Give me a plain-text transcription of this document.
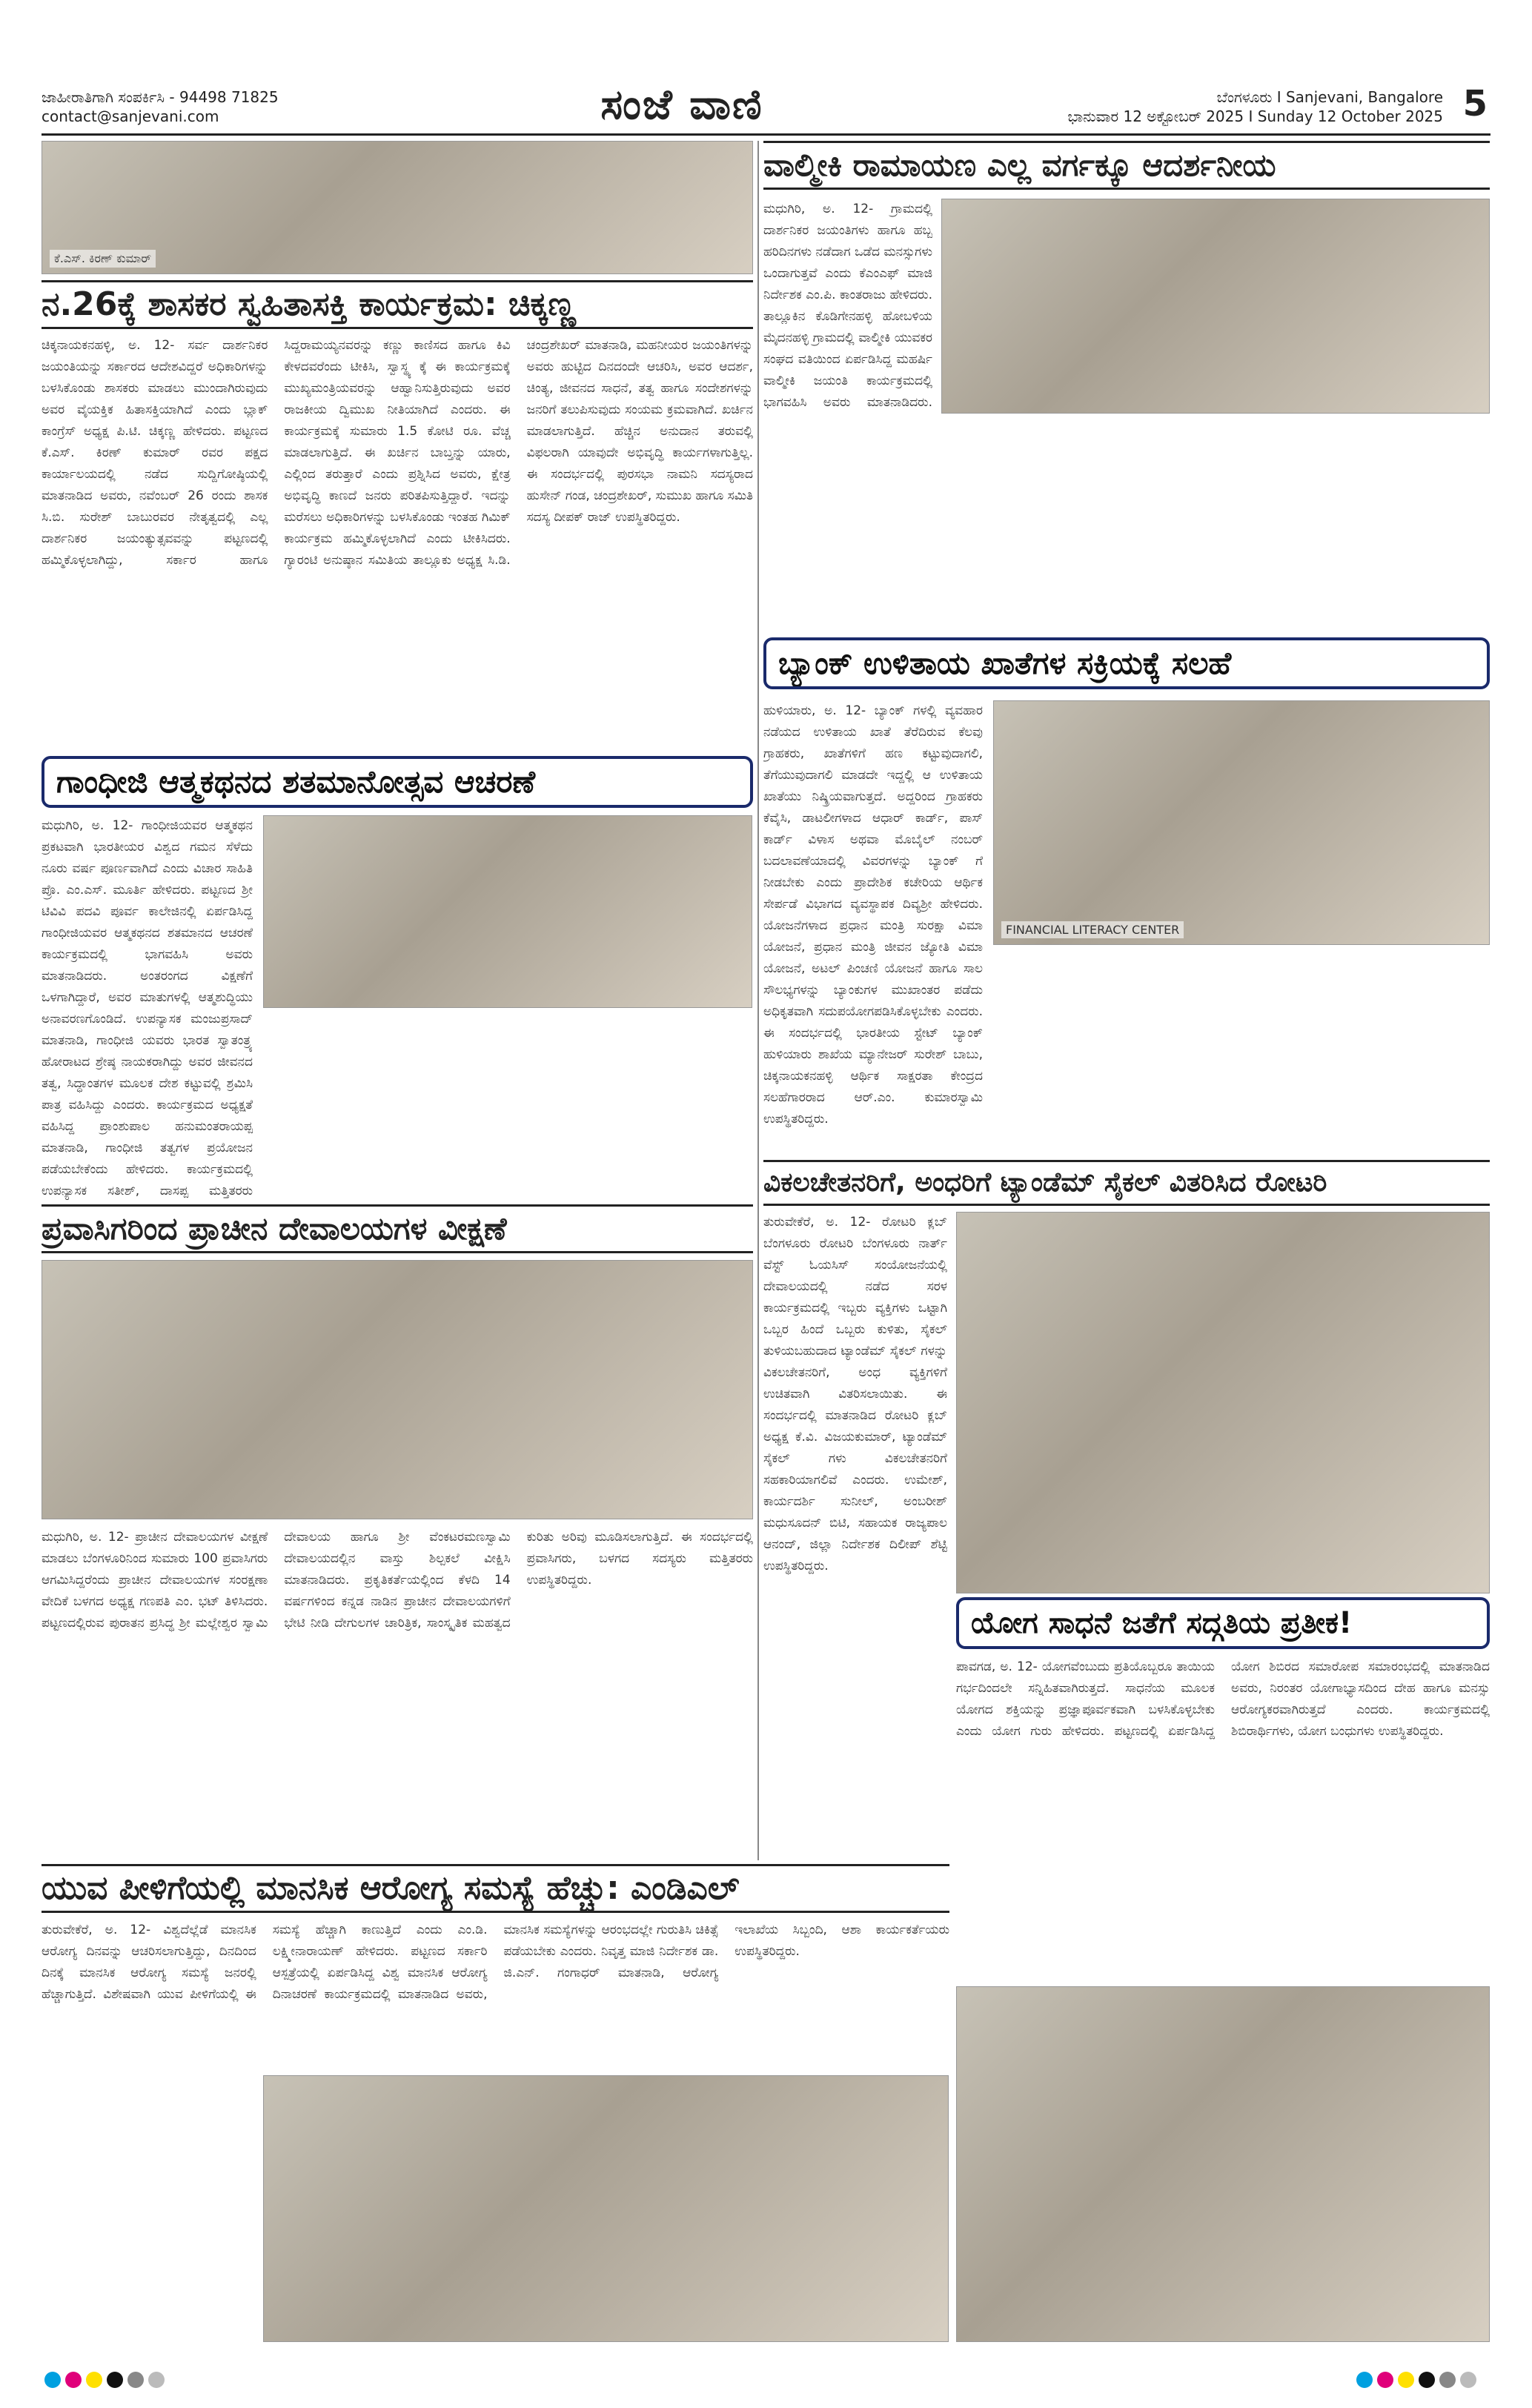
ಜಾಹೀರಾತಿಗಾಗಿ ಸಂಪರ್ಕಿಸಿ - 94498 71825
contact@sanjevani.com	ಸಂಜೆ ವಾಣಿ	ಬೆಂಗಳೂರು I Sanjevani, Bangalore
ಭಾನುವಾರ 12 ಅಕ್ಟೋಬರ್ 2025 I Sunday 12 October 2025 5
ಕೆ.ಎಸ್. ಕಿರಣ್ ಕುಮಾರ್
ನ.26ಕ್ಕೆ ಶಾಸಕರ ಸ್ವಹಿತಾಸಕ್ತಿ ಕಾರ್ಯಕ್ರಮ: ಚಿಕ್ಕಣ್ಣ
ಚಿಕ್ಕನಾಯಕನಹಳ್ಳಿ, ಅ. 12- ಸರ್ವ ದಾರ್ಶನಿಕರ ಜಯಂತಿಯನ್ನು ಸರ್ಕಾರದ ಆದೇಶವಿದ್ದರೆ ಅಧಿಕಾರಿಗಳನ್ನು ಬಳಸಿಕೊಂಡು ಶಾಸಕರು ಮಾಡಲು ಮುಂದಾಗಿರುವುದು ಅವರ ವೈಯಕ್ತಿಕ ಹಿತಾಸಕ್ತಿಯಾಗಿದೆ ಎಂದು ಬ್ಲಾಕ್ ಕಾಂಗ್ರೆಸ್ ಅಧ್ಯಕ್ಷ ಪಿ.ಟಿ. ಚಿಕ್ಕಣ್ಣ ಹೇಳಿದರು. ಪಟ್ಟಣದ ಕೆ.ಎಸ್. ಕಿರಣ್ ಕುಮಾರ್ ರವರ ಪಕ್ಷದ ಕಾರ್ಯಾಲಯದಲ್ಲಿ ನಡೆದ ಸುದ್ದಿಗೋಷ್ಠಿಯಲ್ಲಿ ಮಾತನಾಡಿದ ಅವರು, ನವೆಂಬರ್ 26 ರಂದು ಶಾಸಕ ಸಿ.ಬಿ. ಸುರೇಶ್ ಬಾಬುರವರ ನೇತೃತ್ವದಲ್ಲಿ ಎಲ್ಲ ದಾರ್ಶನಿಕರ ಜಯಂತ್ಯುತ್ಸವವನ್ನು ಪಟ್ಟಣದಲ್ಲಿ ಹಮ್ಮಿಕೊಳ್ಳಲಾಗಿದ್ದು, ಸರ್ಕಾರ ಹಾಗೂ ಸಿದ್ದರಾಮಯ್ಯನವರನ್ನು ಕಣ್ಣು ಕಾಣಿಸದ ಹಾಗೂ ಕಿವಿ ಕೇಳದವರೆಂದು ಟೀಕಿಸಿ, ಸ್ವಾಸ್ಥ್ಯ ಕ್ಕೆ ಈ ಕಾರ್ಯಕ್ರಮಕ್ಕೆ ಮುಖ್ಯಮಂತ್ರಿಯವರನ್ನು ಆಹ್ವಾನಿಸುತ್ತಿರುವುದು ಅವರ ರಾಜಕೀಯ ದ್ವಿಮುಖ ನೀತಿಯಾಗಿದೆ ಎಂದರು. ಈ ಕಾರ್ಯಕ್ರಮಕ್ಕೆ ಸುಮಾರು 1.5 ಕೋಟಿ ರೂ. ವೆಚ್ಚ ಮಾಡಲಾಗುತ್ತಿದೆ. ಈ ಖರ್ಚಿನ ಬಾಬ್ತನ್ನು ಯಾರು, ಎಲ್ಲಿಂದ ತರುತ್ತಾರೆ ಎಂದು ಪ್ರಶ್ನಿಸಿದ ಅವರು, ಕ್ಷೇತ್ರ ಅಭಿವೃದ್ಧಿ ಕಾಣದೆ ಜನರು ಪರಿತಪಿಸುತ್ತಿದ್ದಾರೆ. ಇದನ್ನು ಮರೆಸಲು ಅಧಿಕಾರಿಗಳನ್ನು ಬಳಸಿಕೊಂಡು ಇಂತಹ ಗಿಮಿಕ್ ಕಾರ್ಯಕ್ರಮ ಹಮ್ಮಿಕೊಳ್ಳಲಾಗಿದೆ ಎಂದು ಟೀಕಿಸಿದರು. ಗ್ಯಾರಂಟಿ ಅನುಷ್ಠಾನ ಸಮಿತಿಯ ತಾಲ್ಲೂಕು ಅಧ್ಯಕ್ಷ ಸಿ.ಡಿ. ಚಂದ್ರಶೇಖರ್ ಮಾತನಾಡಿ, ಮಹನೀಯರ ಜಯಂತಿಗಳನ್ನು ಅವರು ಹುಟ್ಟಿದ ದಿನದಂದೇ ಆಚರಿಸಿ, ಅವರ ಆದರ್ಶ, ಚಿಂತ್ಯ, ಜೀವನದ ಸಾಧನೆ, ತತ್ವ ಹಾಗೂ ಸಂದೇಶಗಳನ್ನು ಜನರಿಗೆ ತಲುಪಿಸುವುದು ಸಂಯಮ ಕ್ರಮವಾಗಿದೆ. ಖರ್ಚಿನ ಮಾಡಲಾಗುತ್ತಿದೆ. ಹೆಚ್ಚಿನ ಅನುದಾನ ತರುವಲ್ಲಿ ವಿಫಲರಾಗಿ ಯಾವುದೇ ಅಭಿವೃದ್ಧಿ ಕಾರ್ಯಗಳಾಗುತ್ತಿಲ್ಲ. ಈ ಸಂದರ್ಭದಲ್ಲಿ ಪುರಸಭಾ ನಾಮನಿ ಸದಸ್ಯರಾದ ಹುಸೇನ್ ಗಂಡ, ಚಂದ್ರಶೇಖರ್, ಸುಮುಖ ಹಾಗೂ ಸಮಿತಿ ಸದಸ್ಯ ದೀಪಕ್ ರಾಜ್ ಉಪಸ್ಥಿತರಿದ್ದರು.
ವಾಲ್ಮೀಕಿ ರಾಮಾಯಣ ಎಲ್ಲ ವರ್ಗಕ್ಕೂ ಆದರ್ಶನೀಯ
ಮಧುಗಿರಿ, ಅ. 12- ಗ್ರಾಮದಲ್ಲಿ ದಾರ್ಶನಿಕರ ಜಯಂತಿಗಳು ಹಾಗೂ ಹಬ್ಬ ಹರಿದಿನಗಳು ನಡೆದಾಗ ಒಡೆದ ಮನಸ್ಸುಗಳು ಒಂದಾಗುತ್ತವೆ ಎಂದು ಕೆಎಂಎಫ್ ಮಾಜಿ ನಿರ್ದೇಶಕ ಎಂ.ಪಿ. ಕಾಂತರಾಜು ಹೇಳಿದರು. ತಾಲ್ಲೂಕಿನ ಕೊಡಿಗೇನಹಳ್ಳಿ ಹೋಬಳಿಯ ಮೈದನಹಳ್ಳಿ ಗ್ರಾಮದಲ್ಲಿ ವಾಲ್ಮೀಕಿ ಯುವಕರ ಸಂಘದ ವತಿಯಿಂದ ಏರ್ಪಡಿಸಿದ್ದ ಮಹರ್ಷಿ ವಾಲ್ಮೀಕಿ ಜಯಂತಿ ಕಾರ್ಯಕ್ರಮದಲ್ಲಿ ಭಾಗವಹಿಸಿ ಅವರು ಮಾತನಾಡಿದರು.
ಬ್ಯಾಂಕ್ ಉಳಿತಾಯ ಖಾತೆಗಳ ಸಕ್ರಿಯಕ್ಕೆ ಸಲಹೆ
FINANCIAL LITERACY CENTER
ಹುಳಿಯಾರು, ಅ. 12- ಬ್ಯಾಂಕ್ ಗಳಲ್ಲಿ ವ್ಯವಹಾರ ನಡೆಯದ ಉಳಿತಾಯ ಖಾತೆ ತೆರೆದಿರುವ ಕೆಲವು ಗ್ರಾಹಕರು, ಖಾತೆಗಳಿಗೆ ಹಣ ಕಟ್ಟುವುದಾಗಲಿ, ತೆಗೆಯುವುದಾಗಲಿ ಮಾಡದೇ ಇದ್ದಲ್ಲಿ ಆ ಉಳಿತಾಯ ಖಾತೆಯು ನಿಷ್ಕ್ರಿಯವಾಗುತ್ತದೆ. ಅದ್ದರಿಂದ ಗ್ರಾಹಕರು ಕೆವೈಸಿ, ಡಾಟಲೀಗಳಾದ ಆಧಾರ್ ಕಾರ್ಡ್, ಪಾಸ್ ಕಾರ್ಡ್ ವಿಳಾಸ ಅಥವಾ ಮೊಬೈಲ್ ನಂಬರ್ ಬದಲಾವಣೆಯಾದಲ್ಲಿ ವಿವರಗಳನ್ನು ಬ್ಯಾಂಕ್ ಗೆ ನೀಡಬೇಕು ಎಂದು ಪ್ರಾದೇಶಿಕ ಕಚೇರಿಯ ಆರ್ಥಿಕ ಸೇರ್ಪಡೆ ವಿಭಾಗದ ವ್ಯವಸ್ಥಾಪಕ ದಿವ್ಯಶ್ರೀ ಹೇಳಿದರು. ಯೋಜನೆಗಳಾದ ಪ್ರಧಾನ ಮಂತ್ರಿ ಸುರಕ್ಷಾ ವಿಮಾ ಯೋಜನೆ, ಪ್ರಧಾನ ಮಂತ್ರಿ ಜೀವನ ಜ್ಯೋತಿ ವಿಮಾ ಯೋಜನೆ, ಅಟಲ್ ಪಿಂಚಣಿ ಯೋಜನೆ ಹಾಗೂ ಸಾಲ ಸೌಲಭ್ಯಗಳನ್ನು ಬ್ಯಾಂಕುಗಳ ಮುಖಾಂತರ ಪಡೆದು ಅಧಿಕೃತವಾಗಿ ಸದುಪಯೋಗಪಡಿಸಿಕೊಳ್ಳಬೇಕು ಎಂದರು. ಈ ಸಂದರ್ಭದಲ್ಲಿ ಭಾರತೀಯ ಸ್ಟೇಟ್ ಬ್ಯಾಂಕ್ ಹುಳಿಯಾರು ಶಾಖೆಯ ಮ್ಯಾನೇಜರ್ ಸುರೇಶ್ ಬಾಬು, ಚಿಕ್ಕನಾಯಕನಹಳ್ಳಿ ಆರ್ಥಿಕ ಸಾಕ್ಷರತಾ ಕೇಂದ್ರದ ಸಲಹೆಗಾರರಾದ ಆರ್.ಎಂ. ಕುಮಾರಸ್ವಾಮಿ ಉಪಸ್ಥಿತರಿದ್ದರು.
ಗಾಂಧೀಜಿ ಆತ್ಮಕಥನದ ಶತಮಾನೋತ್ಸವ ಆಚರಣೆ
ಮಧುಗಿರಿ, ಅ. 12- ಗಾಂಧೀಜಿಯವರ ಆತ್ಮಕಥನ ಪ್ರಕಟವಾಗಿ ಭಾರತೀಯರ ವಿಶ್ವದ ಗಮನ ಸೆಳೆದು ನೂರು ವರ್ಷ ಪೂರ್ಣವಾಗಿದೆ ಎಂದು ವಿಚಾರ ಸಾಹಿತಿ ಪ್ರೊ. ಎಂ.ಎಸ್. ಮೂರ್ತಿ ಹೇಳಿದರು. ಪಟ್ಟಣದ ಶ್ರೀ ಟಿವಿವಿ ಪದವಿ ಪೂರ್ವ ಕಾಲೇಜಿನಲ್ಲಿ ಏರ್ಪಡಿಸಿದ್ದ ಗಾಂಧೀಜಿಯವರ ಆತ್ಮಕಥನದ ಶತಮಾನದ ಆಚರಣೆ ಕಾರ್ಯಕ್ರಮದಲ್ಲಿ ಭಾಗವಹಿಸಿ ಅವರು ಮಾತನಾಡಿದರು. ಅಂತರಂಗದ ವಿಕ್ಷಣೆಗೆ ಒಳಗಾಗಿದ್ದಾರೆ, ಅವರ ಮಾತುಗಳಲ್ಲಿ ಆತ್ಮಶುದ್ಧಿಯು ಅನಾವರಣಗೊಂಡಿದೆ. ಉಪನ್ಯಾಸಕ ಮಂಜುಪ್ರಸಾದ್ ಮಾತನಾಡಿ, ಗಾಂಧೀಜಿ ಯವರು ಭಾರತ ಸ್ವಾತಂತ್ರ್ಯ ಹೋರಾಟದ ಶ್ರೇಷ್ಠ ನಾಯಕರಾಗಿದ್ದು ಅವರ ಜೀವನದ ತತ್ವ, ಸಿದ್ಧಾಂತಗಳ ಮೂಲಕ ದೇಶ ಕಟ್ಟುವಲ್ಲಿ ಶ್ರಮಿಸಿ ಪಾತ್ರ ವಹಿಸಿದ್ದು ಎಂದರು. ಕಾರ್ಯಕ್ರಮದ ಅಧ್ಯಕ್ಷತೆ ವಹಿಸಿದ್ದ ಪ್ರಾಂಶುಪಾಲ ಹನುಮಂತರಾಯಪ್ಪ ಮಾತನಾಡಿ, ಗಾಂಧೀಜಿ ತತ್ವಗಳ ಪ್ರಯೋಜನ ಪಡೆಯಬೇಕೆಂದು ಹೇಳಿದರು. ಕಾರ್ಯಕ್ರಮದಲ್ಲಿ ಉಪನ್ಯಾಸಕ ಸತೀಶ್, ದಾಸಪ್ಪ ಮತ್ತಿತರರು
ಪ್ರವಾಸಿಗರಿಂದ ಪ್ರಾಚೀನ ದೇವಾಲಯಗಳ ವೀಕ್ಷಣೆ
ಮಧುಗಿರಿ, ಅ. 12- ಪ್ರಾಚೀನ ದೇವಾಲಯಗಳ ವೀಕ್ಷಣೆ ಮಾಡಲು ಬೆಂಗಳೂರಿನಿಂದ ಸುಮಾರು 100 ಪ್ರವಾಸಿಗರು ಆಗಮಿಸಿದ್ದರೆಂದು ಪ್ರಾಚೀನ ದೇವಾಲಯಗಳ ಸಂರಕ್ಷಣಾ ವೇದಿಕೆ ಬಳಗದ ಅಧ್ಯಕ್ಷ ಗಣಪತಿ ಎಂ. ಭಟ್ ತಿಳಿಸಿದರು. ಪಟ್ಟಣದಲ್ಲಿರುವ ಪುರಾತನ ಪ್ರಸಿದ್ಧ ಶ್ರೀ ಮಲ್ಲೇಶ್ವರ ಸ್ವಾಮಿ ದೇವಾಲಯ ಹಾಗೂ ಶ್ರೀ ವೆಂಕಟರಮಣಸ್ವಾಮಿ ದೇವಾಲಯದಲ್ಲಿನ ವಾಸ್ತು ಶಿಲ್ಪಕಲೆ ವೀಕ್ಷಿಸಿ ಮಾತನಾಡಿದರು. ಪ್ರಕೃತಿಕರ್ತೆಯಲ್ಲಿಂದ ಕೆಳದಿ 14 ವರ್ಷಗಳಿಂದ ಕನ್ನಡ ನಾಡಿನ ಪ್ರಾಚೀನ ದೇವಾಲಯಗಳಿಗೆ ಭೇಟಿ ನೀಡಿ ದೇಗುಲಗಳ ಚಾರಿತ್ರಿಕ, ಸಾಂಸ್ಕೃತಿಕ ಮಹತ್ವದ ಕುರಿತು ಅರಿವು ಮೂಡಿಸಲಾಗುತ್ತಿದೆ. ಈ ಸಂದರ್ಭದಲ್ಲಿ ಪ್ರವಾಸಿಗರು, ಬಳಗದ ಸದಸ್ಯರು ಮತ್ತಿತರರು ಉಪಸ್ಥಿತರಿದ್ದರು.
ವಿಕಲಚೇತನರಿಗೆ, ಅಂಧರಿಗೆ ಟ್ಯಾಂಡೆಮ್ ಸೈಕಲ್ ವಿತರಿಸಿದ ರೋಟರಿ
ತುರುವೇಕೆರೆ, ಅ. 12- ರೋಟರಿ ಕ್ಲಬ್ ಬೆಂಗಳೂರು ರೋಟರಿ ಬೆಂಗಳೂರು ನಾರ್ತ್ ವೆಸ್ಟ್ ಓಯಸಿಸ್ ಸಂಯೋಜನೆಯಲ್ಲಿ ದೇವಾಲಯದಲ್ಲಿ ನಡೆದ ಸರಳ ಕಾರ್ಯಕ್ರಮದಲ್ಲಿ ಇಬ್ಬರು ವ್ಯಕ್ತಿಗಳು ಒಟ್ಟಾಗಿ ಒಬ್ಬರ ಹಿಂದೆ ಒಬ್ಬರು ಕುಳಿತು, ಸೈಕಲ್ ತುಳಿಯಬಹುದಾದ ಟ್ಯಾಂಡೆಮ್ ಸೈಕಲ್ ಗಳನ್ನು ವಿಕಲಚೇತನರಿಗೆ, ಅಂಧ ವ್ಯಕ್ತಿಗಳಿಗೆ ಉಚಿತವಾಗಿ ವಿತರಿಸಲಾಯಿತು. ಈ ಸಂದರ್ಭದಲ್ಲಿ ಮಾತನಾಡಿದ ರೋಟರಿ ಕ್ಲಬ್ ಅಧ್ಯಕ್ಷ ಕೆ.ವಿ. ವಿಜಯಕುಮಾರ್, ಟ್ಯಾಂಡೆಮ್ ಸೈಕಲ್ ಗಳು ವಿಕಲಚೇತನರಿಗೆ ಸಹಕಾರಿಯಾಗಲಿವೆ ಎಂದರು. ಉಮೇಶ್, ಕಾರ್ಯದರ್ಶಿ ಸುನೀಲ್, ಅಂಬರೀಶ್ ಮಧುಸೂದನ್ ಬಿಟಿ, ಸಹಾಯಕ ರಾಜ್ಯಪಾಲ ಆನಂದ್, ಜಿಲ್ಲಾ ನಿರ್ದೇಶಕ ದಿಲೀಪ್ ಶೆಟ್ಟಿ ಉಪಸ್ಥಿತರಿದ್ದರು.
ಯೋಗ ಸಾಧನೆ ಜತೆಗೆ ಸದ್ಗತಿಯ ಪ್ರತೀಕ!
ಪಾವಗಡ, ಅ. 12- ಯೋಗವೆಂಬುದು ಪ್ರತಿಯೊಬ್ಬರೂ ತಾಯಿಯ ಗರ್ಭದಿಂದಲೇ ಸನ್ನಿಹಿತವಾಗಿರುತ್ತದೆ. ಸಾಧನೆಯ ಮೂಲಕ ಯೋಗದ ಶಕ್ತಿಯನ್ನು ಪ್ರಜ್ಞಾಪೂರ್ವಕವಾಗಿ ಬಳಸಿಕೊಳ್ಳಬೇಕು ಎಂದು ಯೋಗ ಗುರು ಹೇಳಿದರು. ಪಟ್ಟಣದಲ್ಲಿ ಏರ್ಪಡಿಸಿದ್ದ ಯೋಗ ಶಿಬಿರದ ಸಮಾರೋಪ ಸಮಾರಂಭದಲ್ಲಿ ಮಾತನಾಡಿದ ಅವರು, ನಿರಂತರ ಯೋಗಾಭ್ಯಾಸದಿಂದ ದೇಹ ಹಾಗೂ ಮನಸ್ಸು ಆರೋಗ್ಯಕರವಾಗಿರುತ್ತದೆ ಎಂದರು. ಕಾರ್ಯಕ್ರಮದಲ್ಲಿ ಶಿಬಿರಾರ್ಥಿಗಳು, ಯೋಗ ಬಂಧುಗಳು ಉಪಸ್ಥಿತರಿದ್ದರು.
ಯುವ ಪೀಳಿಗೆಯಲ್ಲಿ ಮಾನಸಿಕ ಆರೋಗ್ಯ ಸಮಸ್ಯೆ ಹೆಚ್ಚು: ಎಂಡಿಎಲ್
ತುರುವೇಕೆರೆ, ಅ. 12- ವಿಶ್ವದೆಲ್ಲೆಡೆ ಮಾನಸಿಕ ಆರೋಗ್ಯ ದಿನವನ್ನು ಆಚರಿಸಲಾಗುತ್ತಿದ್ದು, ದಿನದಿಂದ ದಿನಕ್ಕೆ ಮಾನಸಿಕ ಆರೋಗ್ಯ ಸಮಸ್ಯೆ ಜನರಲ್ಲಿ ಹೆಚ್ಚಾಗುತ್ತಿದೆ. ವಿಶೇಷವಾಗಿ ಯುವ ಪೀಳಿಗೆಯಲ್ಲಿ ಈ ಸಮಸ್ಯೆ ಹೆಚ್ಚಾಗಿ ಕಾಣುತ್ತಿದೆ ಎಂದು ಎಂ.ಡಿ. ಲಕ್ಷ್ಮೀನಾರಾಯಣ್ ಹೇಳಿದರು. ಪಟ್ಟಣದ ಸರ್ಕಾರಿ ಆಸ್ಪತ್ರೆಯಲ್ಲಿ ಏರ್ಪಡಿಸಿದ್ದ ವಿಶ್ವ ಮಾನಸಿಕ ಆರೋಗ್ಯ ದಿನಾಚರಣೆ ಕಾರ್ಯಕ್ರಮದಲ್ಲಿ ಮಾತನಾಡಿದ ಅವರು, ಮಾನಸಿಕ ಸಮಸ್ಯೆಗಳನ್ನು ಆರಂಭದಲ್ಲೇ ಗುರುತಿಸಿ ಚಿಕಿತ್ಸೆ ಪಡೆಯಬೇಕು ಎಂದರು. ನಿವೃತ್ತ ಮಾಜಿ ನಿರ್ದೇಶಕ ಡಾ. ಜಿ.ಎನ್. ಗಂಗಾಧರ್ ಮಾತನಾಡಿ, ಆರೋಗ್ಯ ಇಲಾಖೆಯ ಸಿಬ್ಬಂದಿ, ಆಶಾ ಕಾರ್ಯಕರ್ತೆಯರು ಉಪಸ್ಥಿತರಿದ್ದರು.
